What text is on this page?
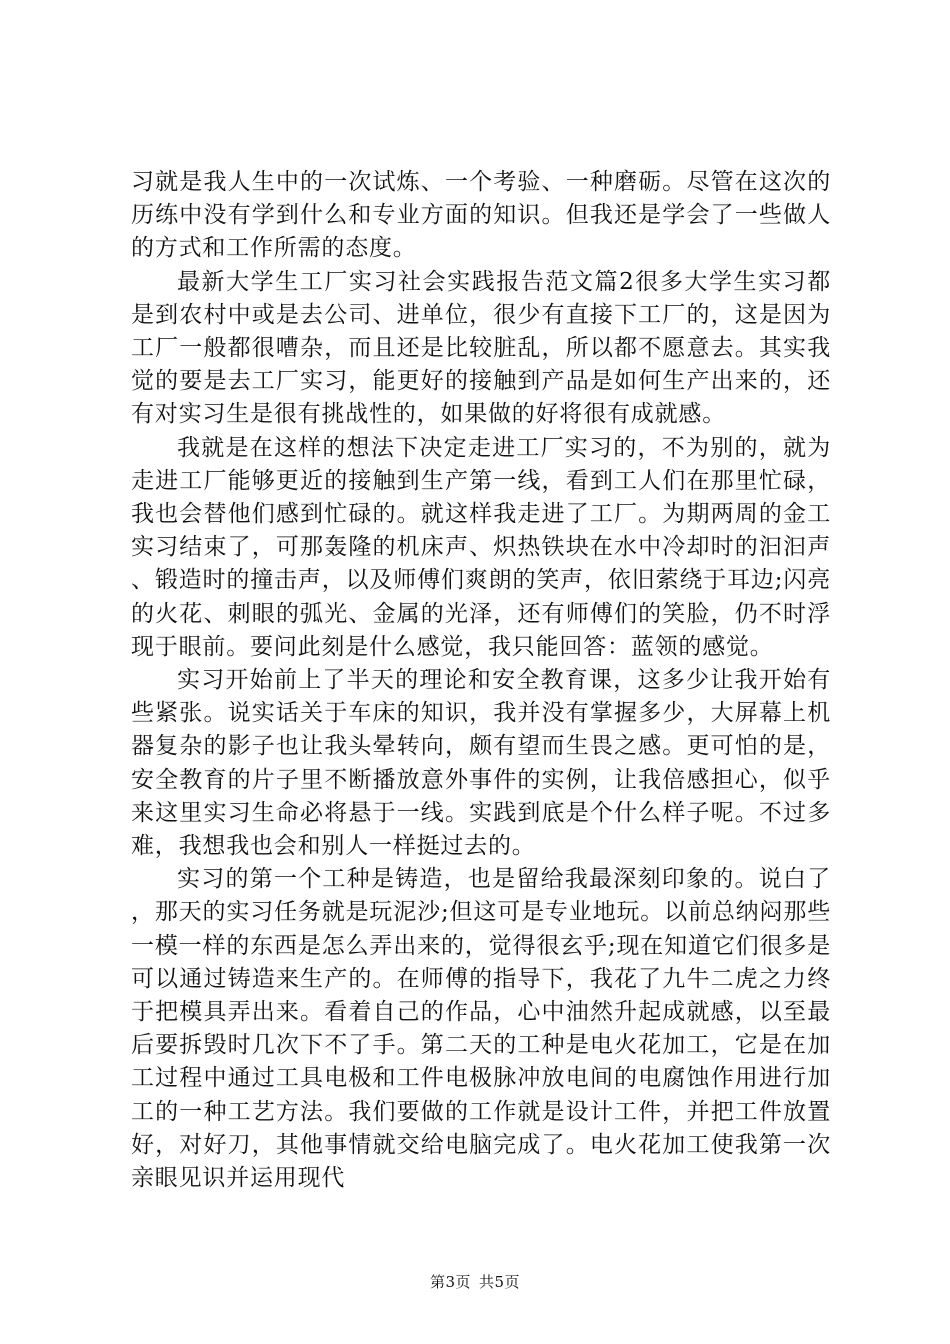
习就是我人生中的一次试炼、一个考验、一种磨砺。尽管在这次的历练中没有学到什么和专业方面的知识。但我还是学会了一些做人的方式和工作所需的态度。

最新大学生工厂实习社会实践报告范文篇2很多大学生实习都是到农村中或是去公司、进单位，很少有直接下工厂的，这是因为工厂一般都很嘈杂，而且还是比较脏乱，所以都不愿意去。其实我觉的要是去工厂实习，能更好的接触到产品是如何生产出来的，还有对实习生是很有挑战性的，如果做的好将很有成就感。

我就是在这样的想法下决定走进工厂实习的，不为别的，就为走进工厂能够更近的接触到生产第一线，看到工人们在那里忙碌，我也会替他们感到忙碌的。就这样我走进了工厂。为期两周的金工实习结束了，可那轰隆的机床声、炽热铁块在水中冷却时的汩汩声、锻造时的撞击声，以及师傅们爽朗的笑声，依旧萦绕于耳边;闪亮的火花、刺眼的弧光、金属的光泽，还有师傅们的笑脸，仍不时浮现于眼前。要问此刻是什么感觉，我只能回答：蓝领的感觉。

实习开始前上了半天的理论和安全教育课，这多少让我开始有些紧张。说实话关于车床的知识，我并没有掌握多少，大屏幕上机器复杂的影子也让我头晕转向，颇有望而生畏之感。更可怕的是，安全教育的片子里不断播放意外事件的实例，让我倍感担心，似乎来这里实习生命必将悬于一线。实践到底是个什么样子呢。不过多难，我想我也会和别人一样挺过去的。

实习的第一个工种是铸造，也是留给我最深刻印象的。说白了，那天的实习任务就是玩泥沙;但这可是专业地玩。以前总纳闷那些一模一样的东西是怎么弄出来的，觉得很玄乎;现在知道它们很多是可以通过铸造来生产的。在师傅的指导下，我花了九牛二虎之力终于把模具弄出来。看着自己的作品，心中油然升起成就感，以至最后要拆毁时几次下不了手。第二天的工种是电火花加工，它是在加工过程中通过工具电极和工件电极脉冲放电间的电腐蚀作用进行加工的一种工艺方法。我们要做的工作就是设计工件，并把工件放置好，对好刀，其他事情就交给电脑完成了。电火花加工使我第一次亲眼见识并运用现代

第3页 共5页
